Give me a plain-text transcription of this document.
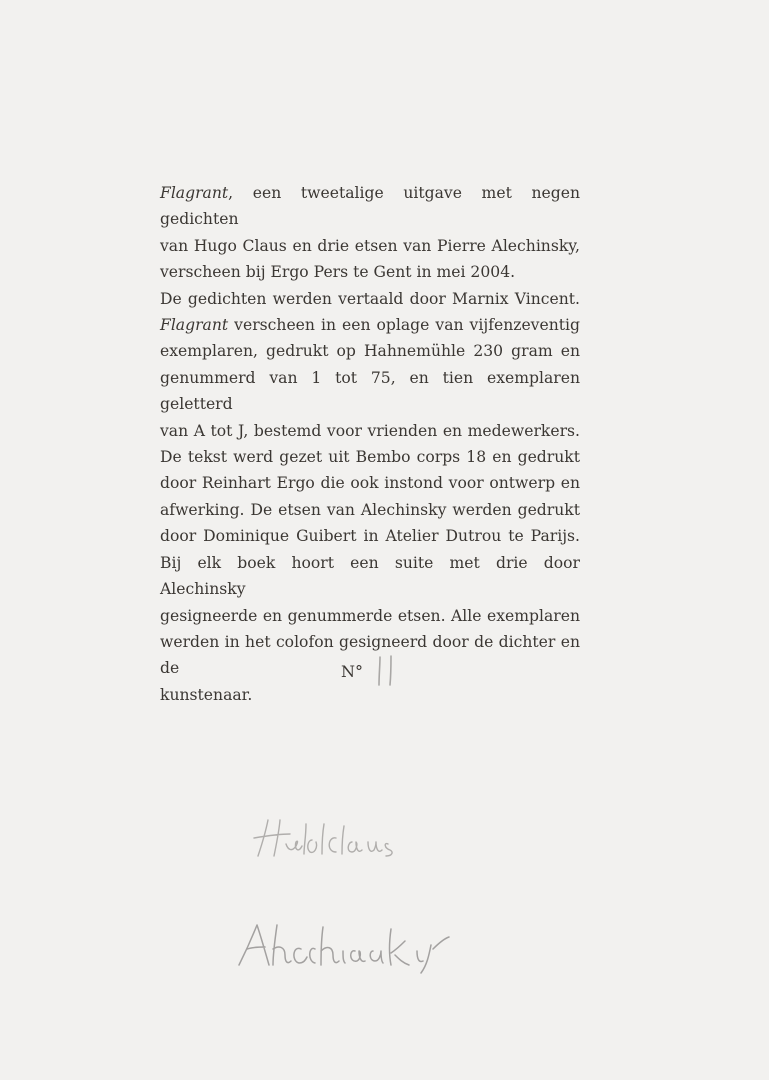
Flagrant, een tweetalige uitgave met negen gedichten
van Hugo Claus en drie etsen van Pierre Alechinsky,
verscheen bij Ergo Pers te Gent in mei 2004.
De gedichten werden vertaald door Marnix Vincent.
Flagrant verscheen in een oplage van vijfenzeventig
exemplaren, gedrukt op Hahnemühle 230 gram en
genummerd van 1 tot 75, en tien exemplaren geletterd
van A tot J, bestemd voor vrienden en medewerkers.
De tekst werd gezet uit Bembo corps 18 en gedrukt
door Reinhart Ergo die ook instond voor ontwerp en
afwerking. De etsen van Alechinsky werden gedrukt
door Dominique Guibert in Atelier Dutrou te Parijs.
Bij elk boek hoort een suite met drie door Alechinsky
gesigneerde en genummerde etsen. Alle exemplaren
werden in het colofon gesigneerd door de dichter en de
kunstenaar.
N°
